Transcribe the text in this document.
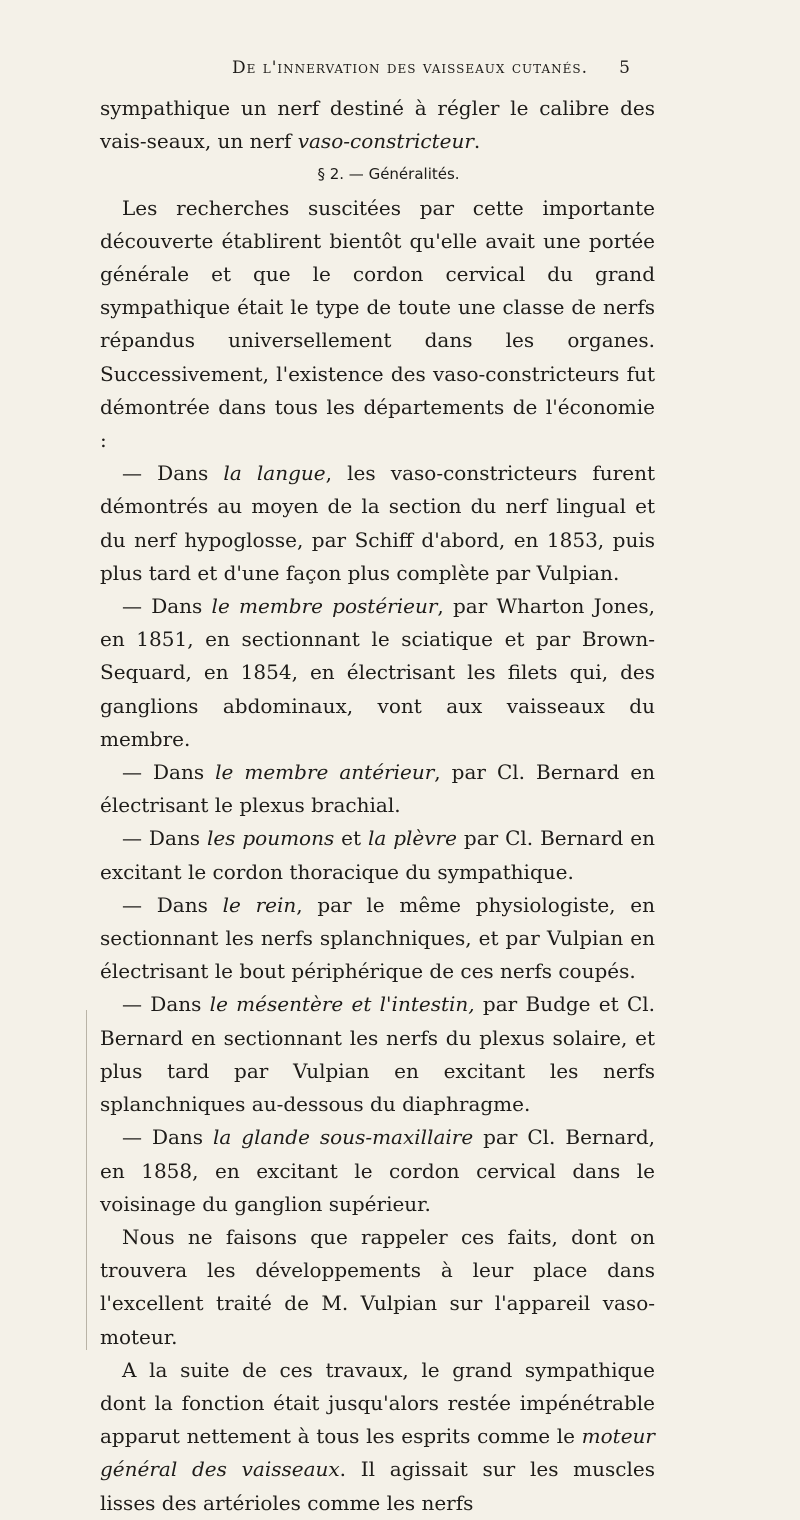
De l'innervation des vaisseaux cutanés.	5

sympathique un nerf destiné à régler le calibre des vais-seaux, un nerf vaso-constricteur.

§ 2. — Généralités.

Les recherches suscitées par cette importante découverte établirent bientôt qu'elle avait une portée générale et que le cordon cervical du grand sympathique était le type de toute une classe de nerfs répandus universellement dans les organes. Successivement, l'existence des vaso-constricteurs fut démontrée dans tous les départements de l'économie :

— Dans la langue, les vaso-constricteurs furent démontrés au moyen de la section du nerf lingual et du nerf hypoglosse, par Schiff d'abord, en 1853, puis plus tard et d'une façon plus complète par Vulpian.

— Dans le membre postérieur, par Wharton Jones, en 1851, en sectionnant le sciatique et par Brown-Sequard, en 1854, en électrisant les filets qui, des ganglions abdominaux, vont aux vaisseaux du membre.

— Dans le membre antérieur, par Cl. Bernard en électrisant le plexus brachial.

— Dans les poumons et la plèvre par Cl. Bernard en excitant le cordon thoracique du sympathique.

— Dans le rein, par le même physiologiste, en sectionnant les nerfs splanchniques, et par Vulpian en électrisant le bout périphérique de ces nerfs coupés.

— Dans le mésentère et l'intestin, par Budge et Cl. Bernard en sectionnant les nerfs du plexus solaire, et plus tard par Vulpian en excitant les nerfs splanchniques au-dessous du diaphragme.

— Dans la glande sous-maxillaire par Cl. Bernard, en 1858, en excitant le cordon cervical dans le voisinage du ganglion supérieur.

Nous ne faisons que rappeler ces faits, dont on trouvera les développements à leur place dans l'excellent traité de M. Vulpian sur l'appareil vaso-moteur.

A la suite de ces travaux, le grand sympathique dont la fonction était jusqu'alors restée impénétrable apparut nettement à tous les esprits comme le moteur général des vaisseaux. Il agissait sur les muscles lisses des artérioles comme les nerfs
